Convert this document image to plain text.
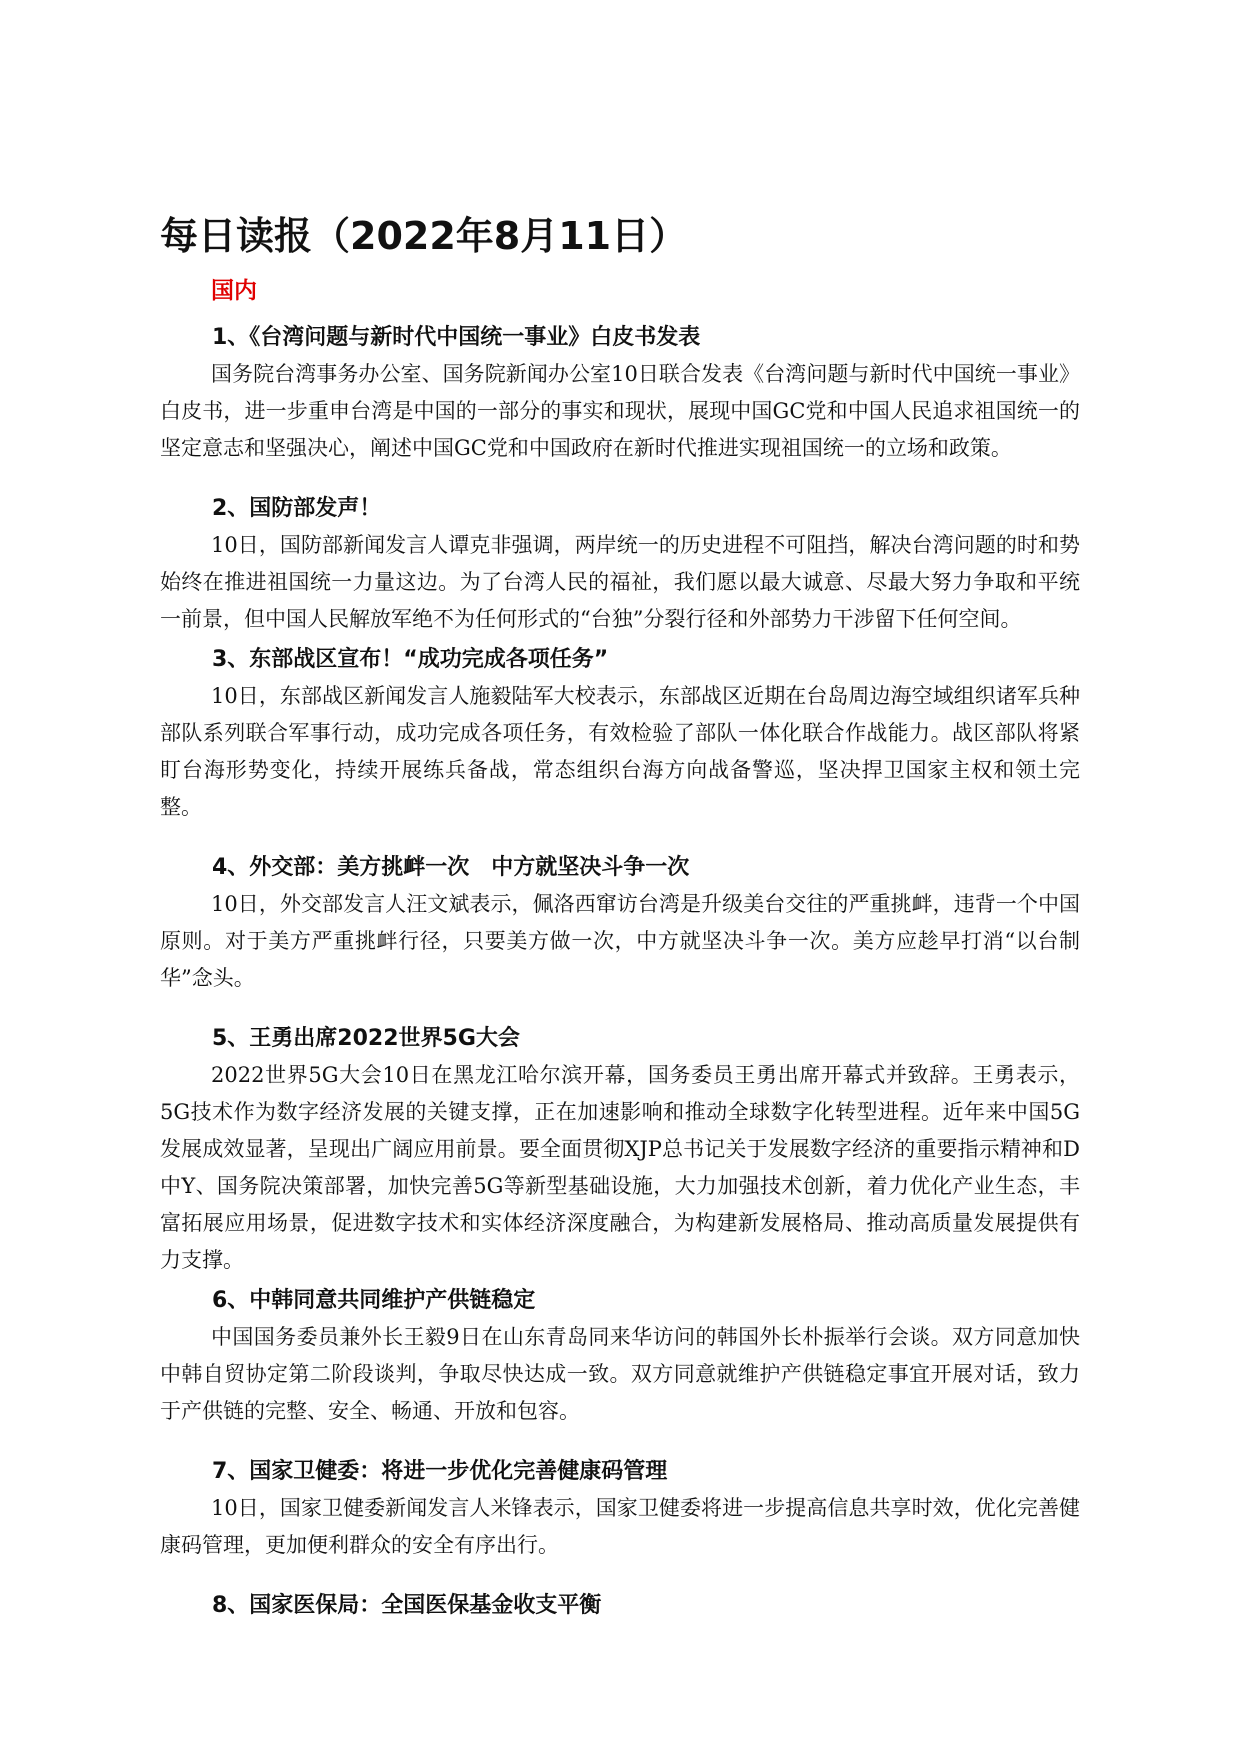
每日读报（2022年8月11日）
国内
1、《台湾问题与新时代中国统一事业》白皮书发表

国务院台湾事务办公室、国务院新闻办公室10日联合发表《台湾问题与新时代中国统一事业》白皮书，进一步重申台湾是中国的一部分的事实和现状，展现中国GC党和中国人民追求祖国统一的坚定意志和坚强决心，阐述中国GC党和中国政府在新时代推进实现祖国统一的立场和政策。

2、国防部发声！

10日，国防部新闻发言人谭克非强调，两岸统一的历史进程不可阻挡，解决台湾问题的时和势始终在推进祖国统一力量这边。为了台湾人民的福祉，我们愿以最大诚意、尽最大努力争取和平统一前景，但中国人民解放军绝不为任何形式的“台独”分裂行径和外部势力干涉留下任何空间。

3、东部战区宣布！“成功完成各项任务”

10日，东部战区新闻发言人施毅陆军大校表示，东部战区近期在台岛周边海空域组织诸军兵种部队系列联合军事行动，成功完成各项任务，有效检验了部队一体化联合作战能力。战区部队将紧盯台海形势变化，持续开展练兵备战，常态组织台海方向战备警巡，坚决捍卫国家主权和领土完整。

4、外交部：美方挑衅一次　中方就坚决斗争一次

10日，外交部发言人汪文斌表示，佩洛西窜访台湾是升级美台交往的严重挑衅，违背一个中国原则。对于美方严重挑衅行径，只要美方做一次，中方就坚决斗争一次。美方应趁早打消“以台制华”念头。

5、王勇出席2022世界5G大会

2022世界5G大会10日在黑龙江哈尔滨开幕，国务委员王勇出席开幕式并致辞。王勇表示，5G技术作为数字经济发展的关键支撑，正在加速影响和推动全球数字化转型进程。近年来中国5G发展成效显著，呈现出广阔应用前景。要全面贯彻XJP总书记关于发展数字经济的重要指示精神和D中Y、国务院决策部署，加快完善5G等新型基础设施，大力加强技术创新，着力优化产业生态，丰富拓展应用场景，促进数字技术和实体经济深度融合，为构建新发展格局、推动高质量发展提供有力支撑。

6、中韩同意共同维护产供链稳定

中国国务委员兼外长王毅9日在山东青岛同来华访问的韩国外长朴振举行会谈。双方同意加快中韩自贸协定第二阶段谈判，争取尽快达成一致。双方同意就维护产供链稳定事宜开展对话，致力于产供链的完整、安全、畅通、开放和包容。

7、国家卫健委：将进一步优化完善健康码管理

10日，国家卫健委新闻发言人米锋表示，国家卫健委将进一步提高信息共享时效，优化完善健康码管理，更加便利群众的安全有序出行。

8、国家医保局：全国医保基金收支平衡
